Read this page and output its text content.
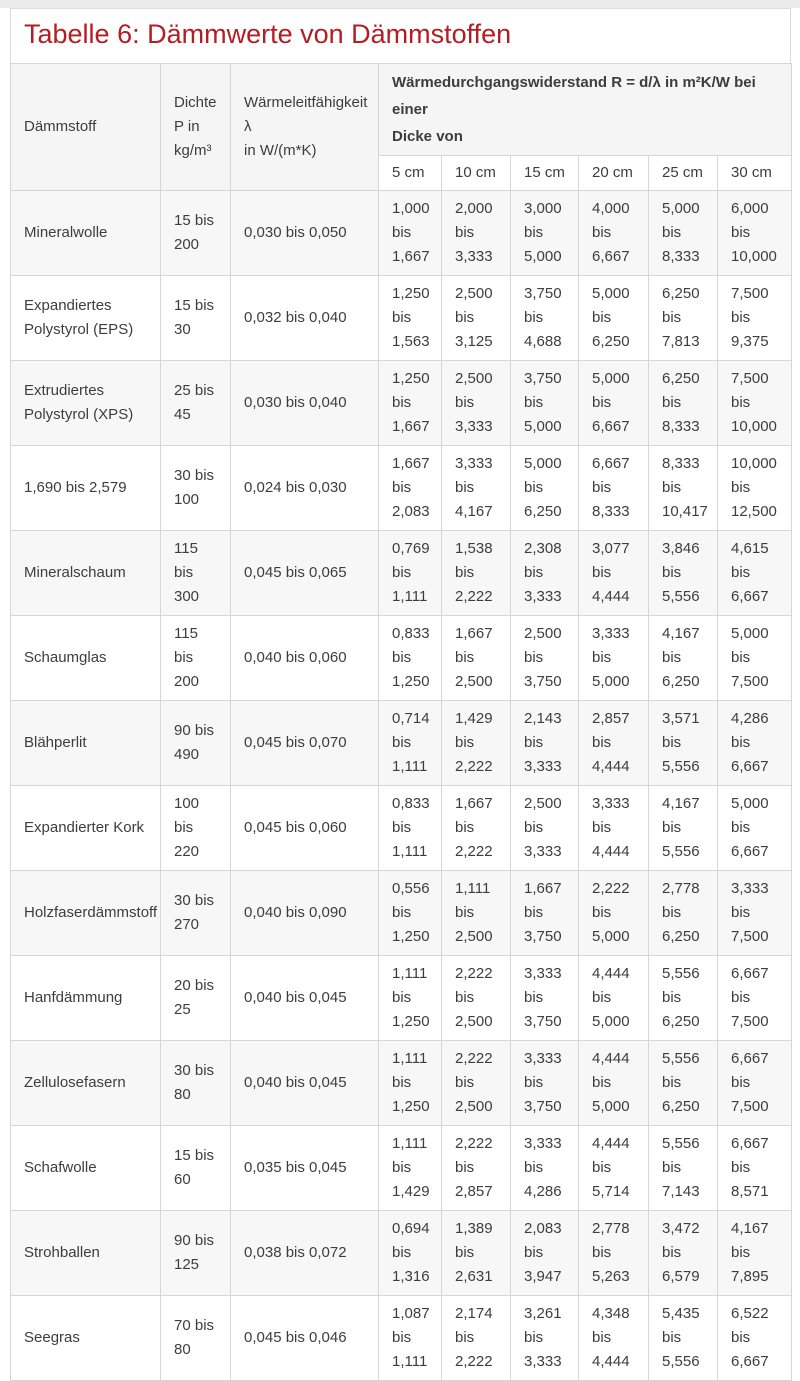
Tabelle 6: Dämmwerte von Dämmstoffen
Dämmstoff	Dichte
P in
kg/m³	Wärmeleitfähigkeit λ
in W/(m*K)	Wärmedurchgangswiderstand R = d/λ in m²K/W bei einer
Dicke von					

			5 cm	10 cm	15 cm	20 cm	25 cm	30 cm
Mineralwolle	15 bis
200	0,030 bis 0,050	1,000
bis
1,667	2,000
bis
3,333	3,000
bis
5,000	4,000
bis
6,667	5,000
bis
8,333	6,000
bis
10,000

Expandiertes Polystyrol (EPS)	15 bis
30	0,032 bis 0,040	1,250
bis
1,563	2,500
bis
3,125	3,750
bis
4,688	5,000
bis
6,250	6,250
bis
7,813	7,500
bis
9,375

Extrudiertes Polystyrol (XPS)	25 bis
45	0,030 bis 0,040	1,250
bis
1,667	2,500
bis
3,333	3,750
bis
5,000	5,000
bis
6,667	6,250
bis
8,333	7,500
bis
10,000

1,690 bis 2,579	30 bis
100	0,024 bis 0,030	1,667
bis
2,083	3,333
bis
4,167	5,000
bis
6,250	6,667
bis
8,333	8,333
bis
10,417	10,000
bis
12,500

Mineralschaum	115 bis
300	0,045 bis 0,065	0,769
bis
1,111	1,538
bis
2,222	2,308
bis
3,333	3,077
bis
4,444	3,846
bis
5,556	4,615
bis
6,667

Schaumglas	115 bis
200	0,040 bis 0,060	0,833
bis
1,250	1,667
bis
2,500	2,500
bis
3,750	3,333
bis
5,000	4,167
bis
6,250	5,000
bis
7,500

Blähperlit	90 bis
490	0,045 bis 0,070	0,714
bis
1,111	1,429
bis
2,222	2,143
bis
3,333	2,857
bis
4,444	3,571
bis
5,556	4,286
bis
6,667

Expandierter Kork	100 bis
220	0,045 bis 0,060	0,833
bis
1,111	1,667
bis
2,222	2,500
bis
3,333	3,333
bis
4,444	4,167
bis
5,556	5,000
bis
6,667

Holzfaserdämmstoff	30 bis
270	0,040 bis 0,090	0,556
bis
1,250	1,111
bis
2,500	1,667
bis
3,750	2,222
bis
5,000	2,778
bis
6,250	3,333
bis
7,500

Hanfdämmung	20 bis
25	0,040 bis 0,045	1,111
bis
1,250	2,222
bis
2,500	3,333
bis
3,750	4,444
bis
5,000	5,556
bis
6,250	6,667
bis
7,500

Zellulosefasern	30 bis
80	0,040 bis 0,045	1,111
bis
1,250	2,222
bis
2,500	3,333
bis
3,750	4,444
bis
5,000	5,556
bis
6,250	6,667
bis
7,500

Schafwolle	15 bis
60	0,035 bis 0,045	1,111
bis
1,429	2,222
bis
2,857	3,333
bis
4,286	4,444
bis
5,714	5,556
bis
7,143	6,667
bis
8,571

Strohballen	90 bis
125	0,038 bis 0,072	0,694
bis
1,316	1,389
bis
2,631	2,083
bis
3,947	2,778
bis
5,263	3,472
bis
6,579	4,167
bis
7,895

Seegras	70 bis
80	0,045 bis 0,046	1,087
bis
1,111	2,174
bis
2,222	3,261
bis
3,333	4,348
bis
4,444	5,435
bis
5,556	6,522
bis
6,667
